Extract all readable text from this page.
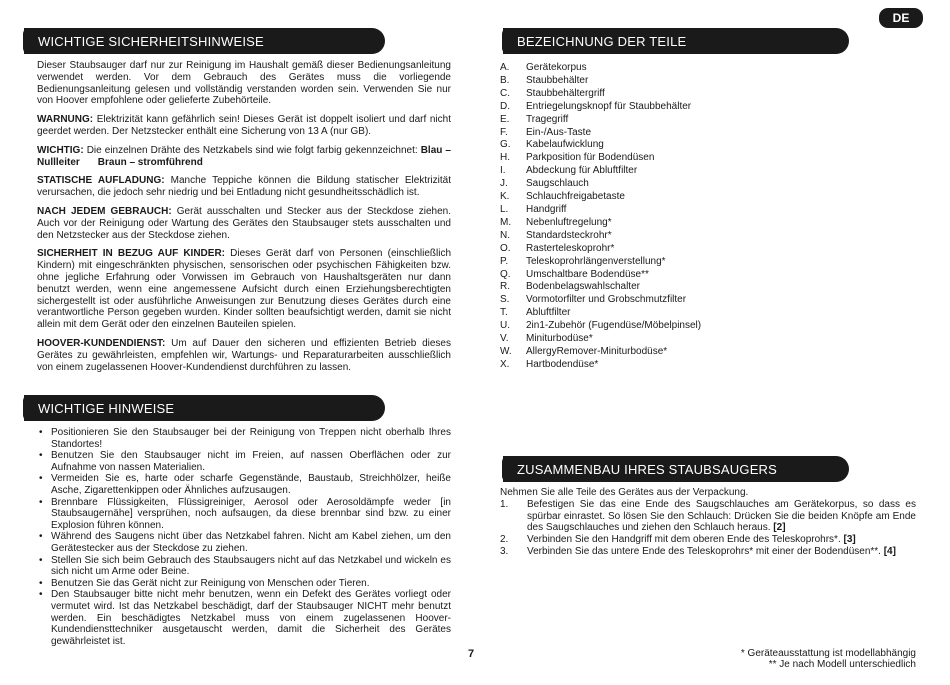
DE
WICHTIGE SICHERHEITSHINWEISE

Dieser Staubsauger darf nur zur Reinigung im Haushalt gemäß dieser Bedienungsanleitung verwendet werden. Vor dem Gebrauch des Gerätes muss die vorliegende Bedienungsanleitung gelesen und vollständig verstanden worden sein. Verwenden Sie nur von Hoover empfohlene oder gelieferte Zubehörteile.

WARNUNG: Elektrizität kann gefährlich sein! Dieses Gerät ist doppelt isoliert und darf nicht geerdet werden. Der Netzstecker enthält eine Sicherung von 13 A (nur GB).

WICHTIG: Die einzelnen Drähte des Netzkabels sind wie folgt farbig gekennzeichnet: Blau – Nullleiter Braun – stromführend

STATISCHE AUFLADUNG: Manche Teppiche können die Bildung statischer Elektrizität verursachen, die jedoch sehr niedrig und bei Entladung nicht gesundheitsschädlich ist.

NACH JEDEM GEBRAUCH: Gerät ausschalten und Stecker aus der Steckdose ziehen. Auch vor der Reinigung oder Wartung des Gerätes den Staubsauger stets ausschalten und den Netzstecker aus der Steckdose ziehen.

SICHERHEIT IN BEZUG AUF KINDER: Dieses Gerät darf von Personen (einschließlich Kindern) mit eingeschränkten physischen, sensorischen oder psychischen Fähigkeiten bzw. ohne jegliche Erfahrung oder Vorwissen im Gebrauch von Haushaltsgeräten nur dann benutzt werden, wenn eine angemessene Aufsicht durch einen Erziehungsberechtigten sichergestellt ist oder ausführliche Anweisungen zur Benutzung dieses Gerätes durch eine verantwortliche Person gegeben wurden. Kinder sollten beaufsichtigt werden, damit sie nicht allein mit dem Gerät oder den einzelnen Bauteilen spielen.

HOOVER-KUNDENDIENST: Um auf Dauer den sicheren und effizienten Betrieb dieses Gerätes zu gewährleisten, empfehlen wir, Wartungs- und Reparaturarbeiten ausschließlich von einem zugelassenen Hoover-Kundendienst durchführen zu lassen.

WICHTIGE HINWEISE
• Positionieren Sie den Staubsauger bei der Reinigung von Treppen nicht oberhalb Ihres Standortes!
• Benutzen Sie den Staubsauger nicht im Freien, auf nassen Oberflächen oder zur Aufnahme von nassen Materialien.
• Vermeiden Sie es, harte oder scharfe Gegenstände, Baustaub, Streichhölzer, heiße Asche, Zigarettenkippen oder Ähnliches aufzusaugen.
• Brennbare Flüssigkeiten, Flüssigreiniger, Aerosol oder Aerosoldämpfe weder [in Staubsaugernähe] versprühen, noch aufsaugen, da diese brennbar sind bzw. zu einer Explosion führen können.
• Während des Saugens nicht über das Netzkabel fahren. Nicht am Kabel ziehen, um den Gerätestecker aus der Steckdose zu ziehen.
• Stellen Sie sich beim Gebrauch des Staubsaugers nicht auf das Netzkabel und wickeln es sich nicht um Arme oder Beine.
• Benutzen Sie das Gerät nicht zur Reinigung von Menschen oder Tieren.
• Den Staubsauger bitte nicht mehr benutzen, wenn ein Defekt des Gerätes vorliegt oder vermutet wird. Ist das Netzkabel beschädigt, darf der Staubsauger NICHT mehr benutzt werden. Ein beschädigtes Netzkabel muss von einem zugelassenen Hoover-Kundendiensttechniker ausgetauscht werden, damit die Sicherheit des Gerätes gewährleistet ist.
BEZEICHNUNG DER TEILE
A.	Gerätekorpus
B.	Staubbehälter
C.	Staubbehältergriff
D.	Entriegelungsknopf für Staubbehälter
E.	Tragegriff
F.	Ein-/Aus-Taste
G.	Kabelaufwicklung
H.	Parkposition für Bodendüsen
I.	Abdeckung für Abluftfilter
J.	Saugschlauch
K.	Schlauchfreigabetaste
L.	Handgriff
M.	Nebenluftregelung*
N.	Standardsteckrohr*
O.	Rasterteleskoprohr*
P.	Teleskoprohrlängenverstellung*
Q.	Umschaltbare Bodendüse**
R.	Bodenbelagswahlschalter
S.	Vormotorfilter und Grobschmutzfilter
T.	Abluftfilter
U.	2in1-Zubehör (Fugendüse/Möbelpinsel)
V.	Miniturbodüse*
W.	AllergyRemover-Miniturbodüse*
X.	Hartbodendüse*
ZUSAMMENBAU IHRES STAUBSAUGERS
Nehmen Sie alle Teile des Gerätes aus der Verpackung.
1.	Befestigen Sie das eine Ende des Saugschlauches am Gerätekorpus, so dass es spürbar einrastet. So lösen Sie den Schlauch: Drücken Sie die beiden Knöpfe am Ende des Saugschlauches und ziehen den Schlauch heraus. [2]
2.	Verbinden Sie den Handgriff mit dem oberen Ende des Teleskoprohrs*. [3]
3.	Verbinden Sie das untere Ende des Teleskoprohrs* mit einer der Bodendüsen**. [4]
7	* Geräteausstattung ist modellabhängig
** Je nach Modell unterschiedlich
